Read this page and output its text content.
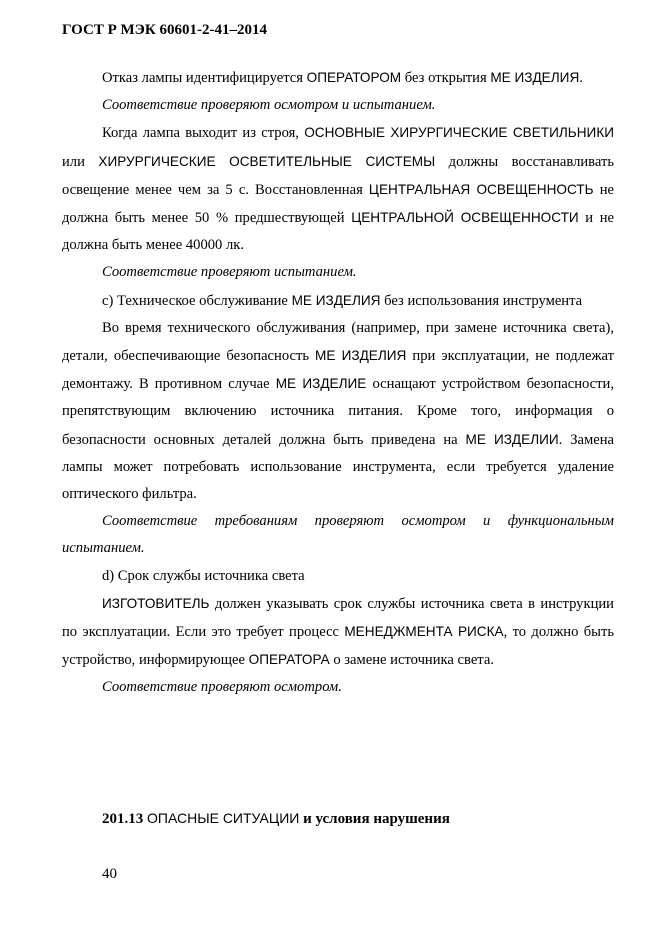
ГОСТ Р МЭК 60601-2-41–2014

Отказ лампы идентифицируется ОПЕРАТОРОМ без открытия МЕ ИЗДЕЛИЯ.

Соответствие проверяют осмотром и испытанием.

Когда лампа выходит из строя, ОСНОВНЫЕ ХИРУРГИЧЕСКИЕ СВЕТИЛЬНИКИ или ХИРУРГИЧЕСКИЕ ОСВЕТИТЕЛЬНЫЕ СИСТЕМЫ должны восстанавливать освещение менее чем за 5 с. Восстановленная ЦЕНТРАЛЬНАЯ ОСВЕЩЕННОСТЬ не должна быть менее 50 % предшествующей ЦЕНТРАЛЬНОЙ ОСВЕЩЕННОСТИ и не должна быть менее 40000 лк.

Соответствие проверяют испытанием.

с) Техническое обслуживание МЕ ИЗДЕЛИЯ без использования инструмента

Во время технического обслуживания (например, при замене источника света), детали, обеспечивающие безопасность МЕ ИЗДЕЛИЯ при эксплуатации, не подлежат демонтажу. В противном случае МЕ ИЗДЕЛИЕ оснащают устройством безопасности, препятствующим включению источника питания. Кроме того, информация о безопасности основных деталей должна быть приведена на МЕ ИЗДЕЛИИ. Замена лампы может потребовать использование инструмента, если требуется удаление оптического фильтра.

Соответствие требованиям проверяют осмотром и функциональным испытанием.

d) Срок службы источника света

ИЗГОТОВИТЕЛЬ должен указывать срок службы источника света в инструкции по эксплуатации. Если это требует процесс МЕНЕДЖМЕНТА РИСКА, то должно быть устройство, информирующее ОПЕРАТОРА о замене источника света.

Соответствие проверяют осмотром.

201.13 ОПАСНЫЕ СИТУАЦИИ и условия нарушения
40
